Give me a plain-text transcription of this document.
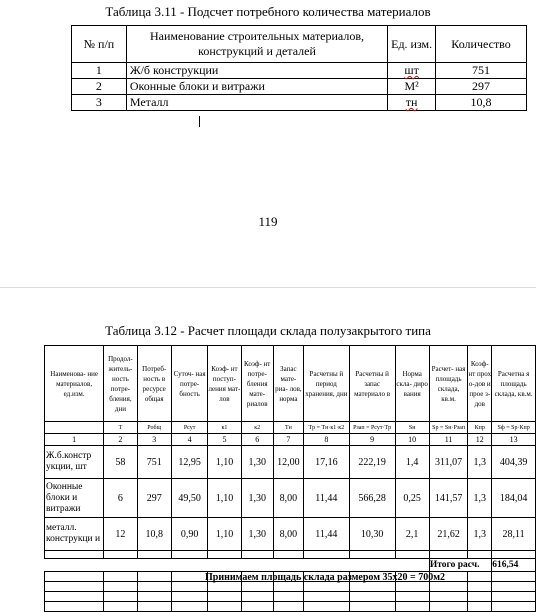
Таблица 3.11 - Подсчет потребного количества материалов
№ п/п	Наименование строительных материалов, конструкций и деталей	Ед. изм.	Количество
1	Ж/б конструкции	шт	751
2	Оконные блоки и витражи	М²	297
3	Металл	тн	10,8
119
Таблица 3.12 - Расчет площади склада полузакрытого типа
Наименова- ние материалов, ед.изм.	Продол- житель- ность потре- бления, дни	Потреб- ность в ресурсе общая	Суточ- ная потре- бность	Коэф- нт поступ- ления мат- лов	Коэф- нт потре- бления мате- риалов	Запас мате- риа- лов, норма	Расчетны й период хранения, дни	Расчетны й запас материало в	Норма скла- диро вания	Расчет- ная площадь склада, кв.м.	Коэф- нт прох о-дов и прое з-дов	Расчетна я площадь склада, кв.м.
	T	Pобщ	Pсут	к1	к2	Tн	Tр = Tн·к1·к2	Pзап = Pсут·Tр	Sн	Sр = Sн·Pзап	Кпр	Sф = Sр·Кпр
1	2	3	4	5	6	7	8	9	10	11	12	13
Ж.б.констр укции, шт	58	751	12,95	1,10	1,30	12,00	17,16	222,19	1,4	311,07	1,3	404,39
Оконные блоки и витражи	6	297	49,50	1,10	1,30	8,00	11,44	566,28	0,25	141,57	1,3	184,04
металл. конструкци и	12	10,8	0,90	1,10	1,30	8,00	11,44	10,30	2,1	21,62	1,3	28,11

										Итого расч.		616,54

Принимаем площадь склада размером 35х20 = 700м2
